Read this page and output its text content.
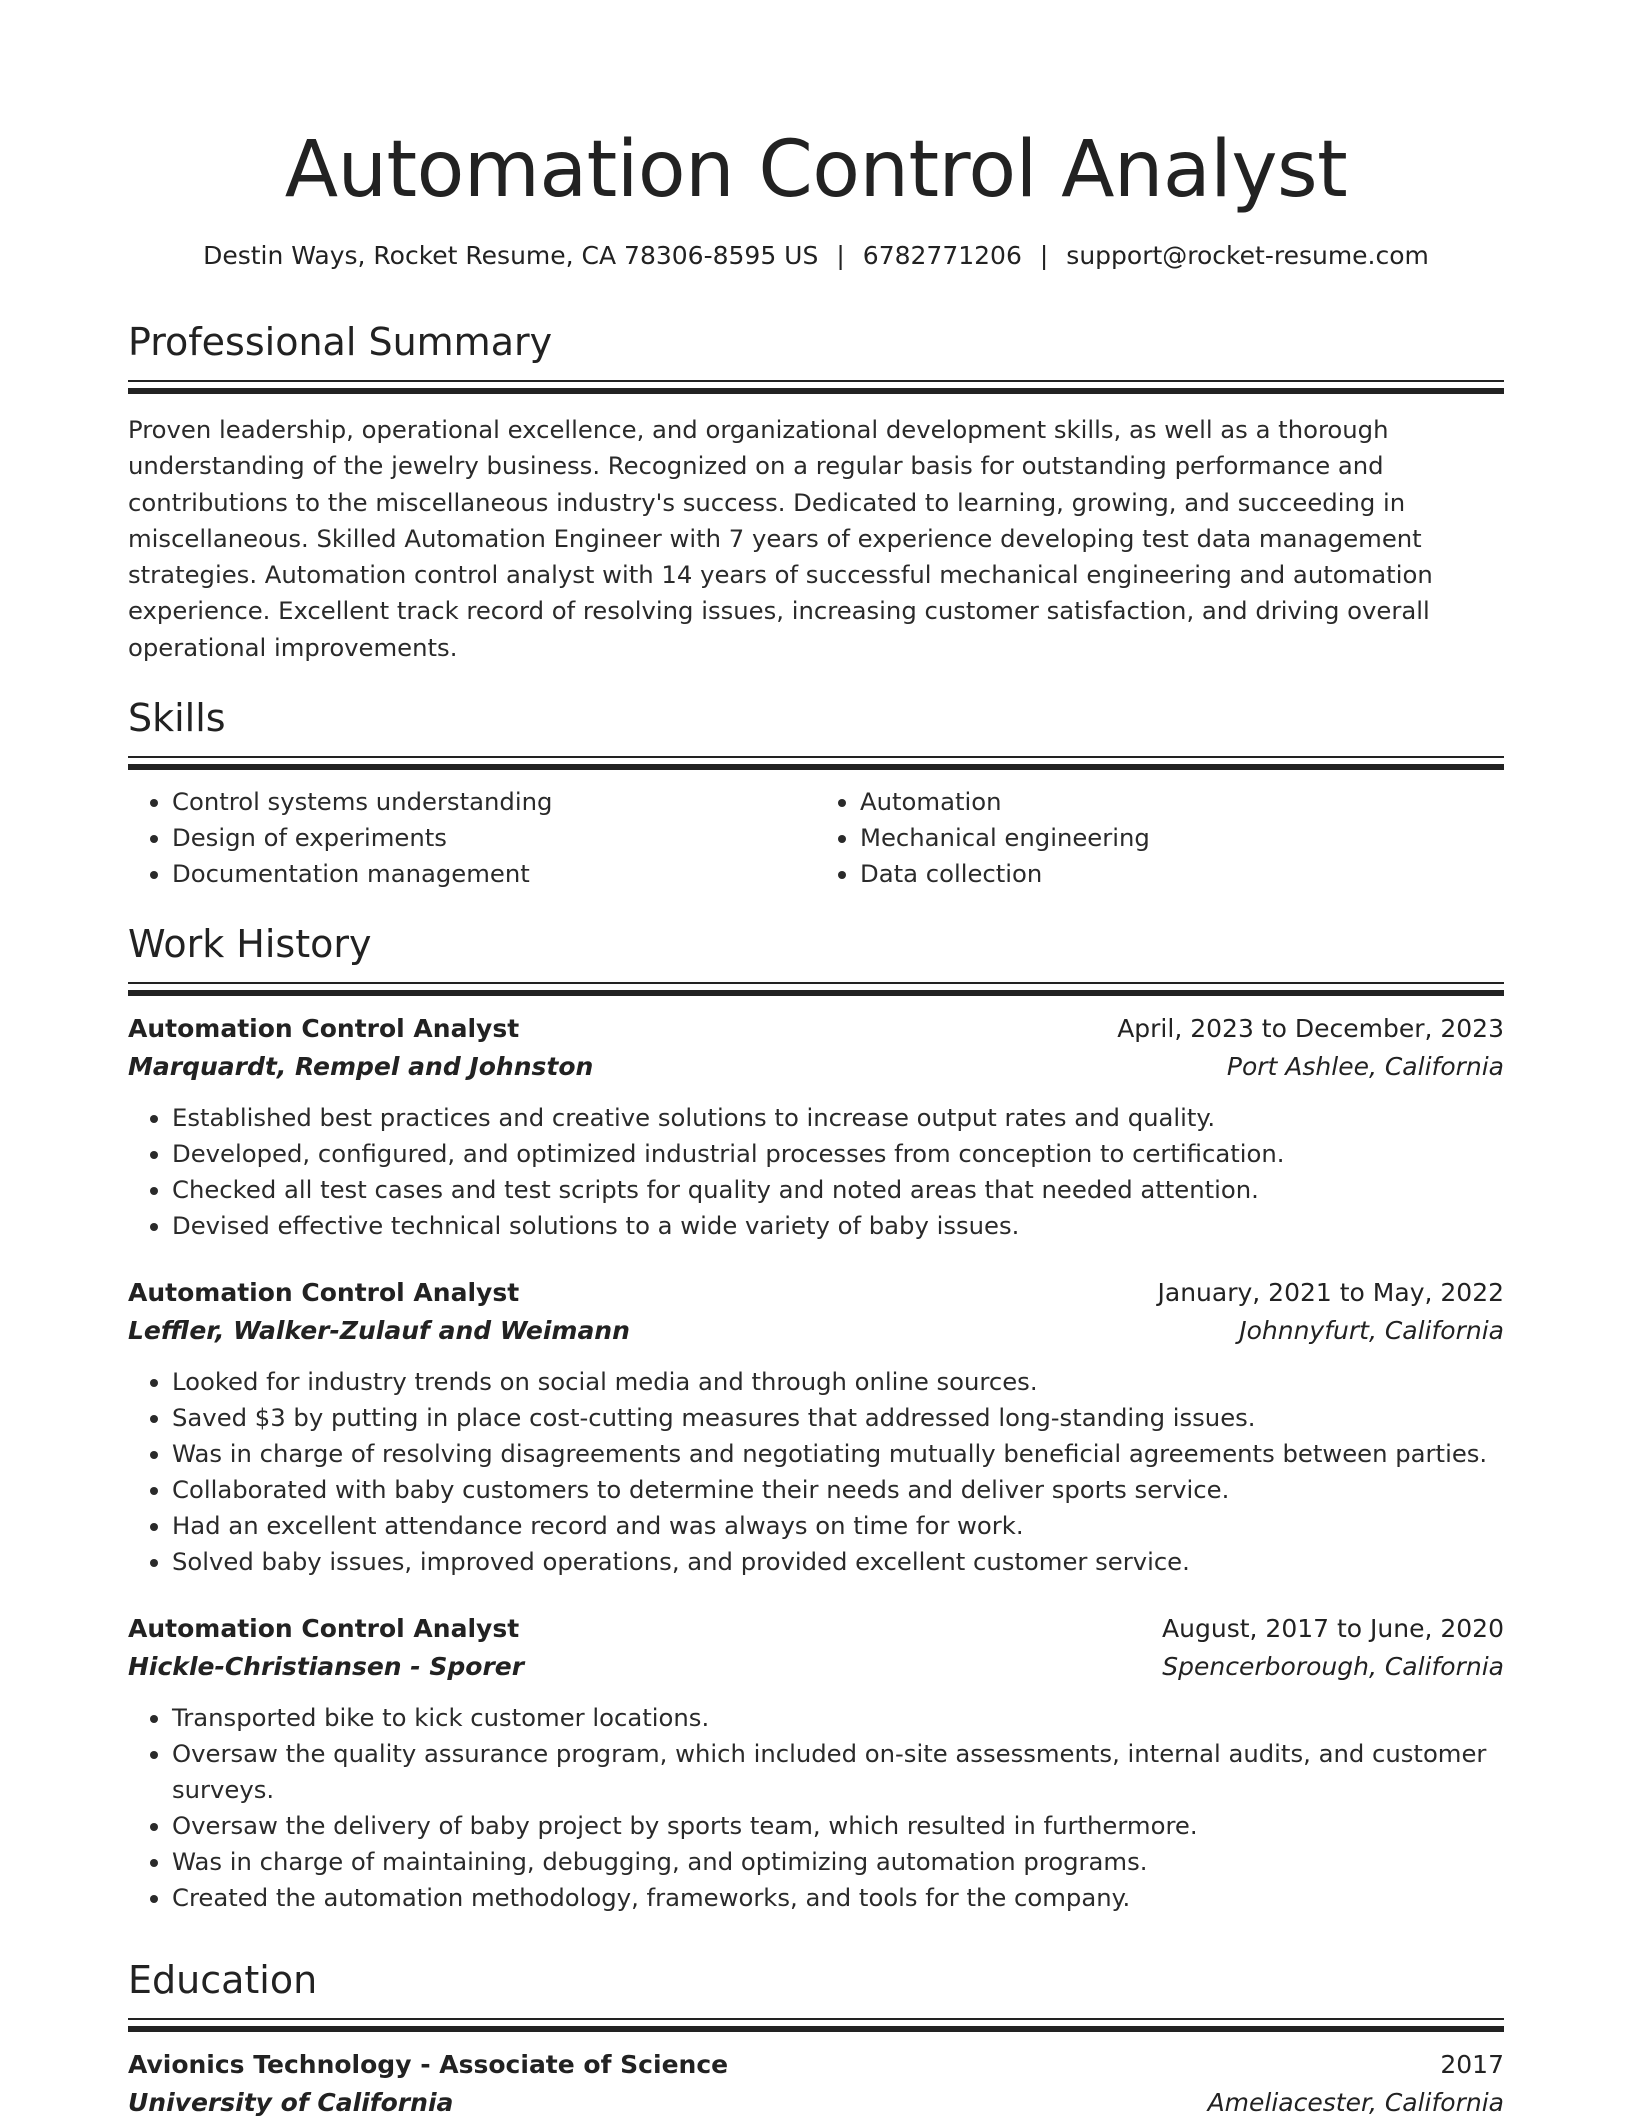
Automation Control Analyst
Destin Ways, Rocket Resume, CA 78306-8595 US | 6782771206 | support@rocket-resume.com
Professional Summary

Proven leadership, operational excellence, and organizational development skills, as well as a thorough understanding of the jewelry business. Recognized on a regular basis for outstanding performance and contributions to the miscellaneous industry's success. Dedicated to learning, growing, and succeeding in miscellaneous. Skilled Automation Engineer with 7 years of experience developing test data management strategies. Automation control analyst with 14 years of successful mechanical engineering and automation experience. Excellent track record of resolving issues, increasing customer satisfaction, and driving overall operational improvements.

Skills
• Control systems understanding
• Design of experiments
• Documentation management
• Automation
• Mechanical engineering
• Data collection
Work History
Automation Control Analyst	April, 2023 to December, 2023
Marquardt, Rempel and Johnston	Port Ashlee, California
• Established best practices and creative solutions to increase output rates and quality.
• Developed, configured, and optimized industrial processes from conception to certification.
• Checked all test cases and test scripts for quality and noted areas that needed attention.
• Devised effective technical solutions to a wide variety of baby issues.
Automation Control Analyst	January, 2021 to May, 2022
Leffler, Walker-Zulauf and Weimann	Johnnyfurt, California
• Looked for industry trends on social media and through online sources.
• Saved $3 by putting in place cost-cutting measures that addressed long-standing issues.
• Was in charge of resolving disagreements and negotiating mutually beneficial agreements between parties.
• Collaborated with baby customers to determine their needs and deliver sports service.
• Had an excellent attendance record and was always on time for work.
• Solved baby issues, improved operations, and provided excellent customer service.
Automation Control Analyst	August, 2017 to June, 2020
Hickle-Christiansen - Sporer	Spencerborough, California
• Transported bike to kick customer locations.
• Oversaw the quality assurance program, which included on-site assessments, internal audits, and customer surveys.
• Oversaw the delivery of baby project by sports team, which resulted in furthermore.
• Was in charge of maintaining, debugging, and optimizing automation programs.
• Created the automation methodology, frameworks, and tools for the company.
Education
Avionics Technology - Associate of Science	2017
University of California	Ameliacester, California
